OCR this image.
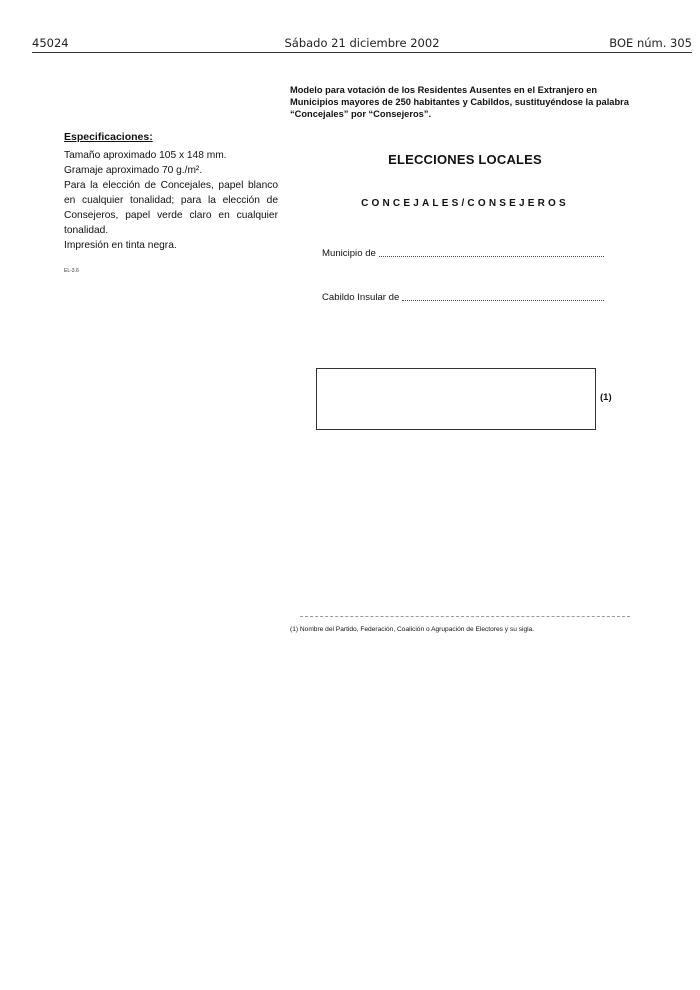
45024	Sábado 21 diciembre 2002	BOE núm. 305
Especificaciones:
Tamaño aproximado 105 x 148 mm.
Gramaje aproximado 70 g./m².
Para la elección de Concejales, papel blanco en cualquier tonalidad; para la elección de Consejeros, papel verde claro en cualquier tonalidad.
Impresión en tinta negra.
EL-3.6
Modelo para votación de los Residentes Ausentes en el Extranjero en Municipios mayores de 250 habitantes y Cabildos, sustituyéndose la palabra “Concejales” por “Consejeros”.
ELECCIONES LOCALES
CONCEJALES/CONSEJEROS
Municipio de
Cabildo Insular de
(1)
(1) Nombre del Partido, Federación, Coalición o Agrupación de Electores y su sigla.
